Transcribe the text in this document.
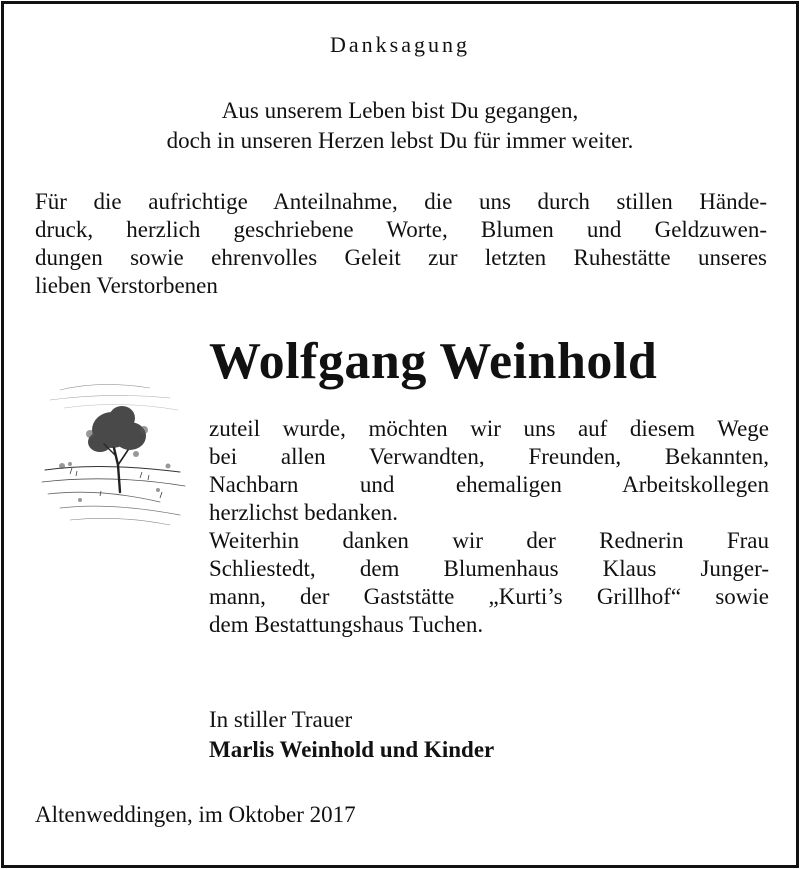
Danksagung
Aus unserem Leben bist Du gegangen,
doch in unseren Herzen lebst Du für immer weiter.
Für die aufrichtige Anteilnahme, die uns durch stillen Hände-
druck, herzlich geschriebene Worte, Blumen und Geldzuwen-
dungen sowie ehrenvolles Geleit zur letzten Ruhestätte unseres
lieben Verstorbenen
Wolfgang Weinhold
zuteil wurde, möchten wir uns auf diesem Wege
bei allen Verwandten, Freunden, Bekannten,
Nachbarn und ehemaligen Arbeitskollegen
herzlichst bedanken.
Weiterhin danken wir der Rednerin Frau
Schliestedt, dem Blumenhaus Klaus Junger-
mann, der Gaststätte „Kurti’s Grillhof“ sowie
dem Bestattungshaus Tuchen.
In stiller Trauer
Marlis Weinhold und Kinder
Altenweddingen, im Oktober 2017
